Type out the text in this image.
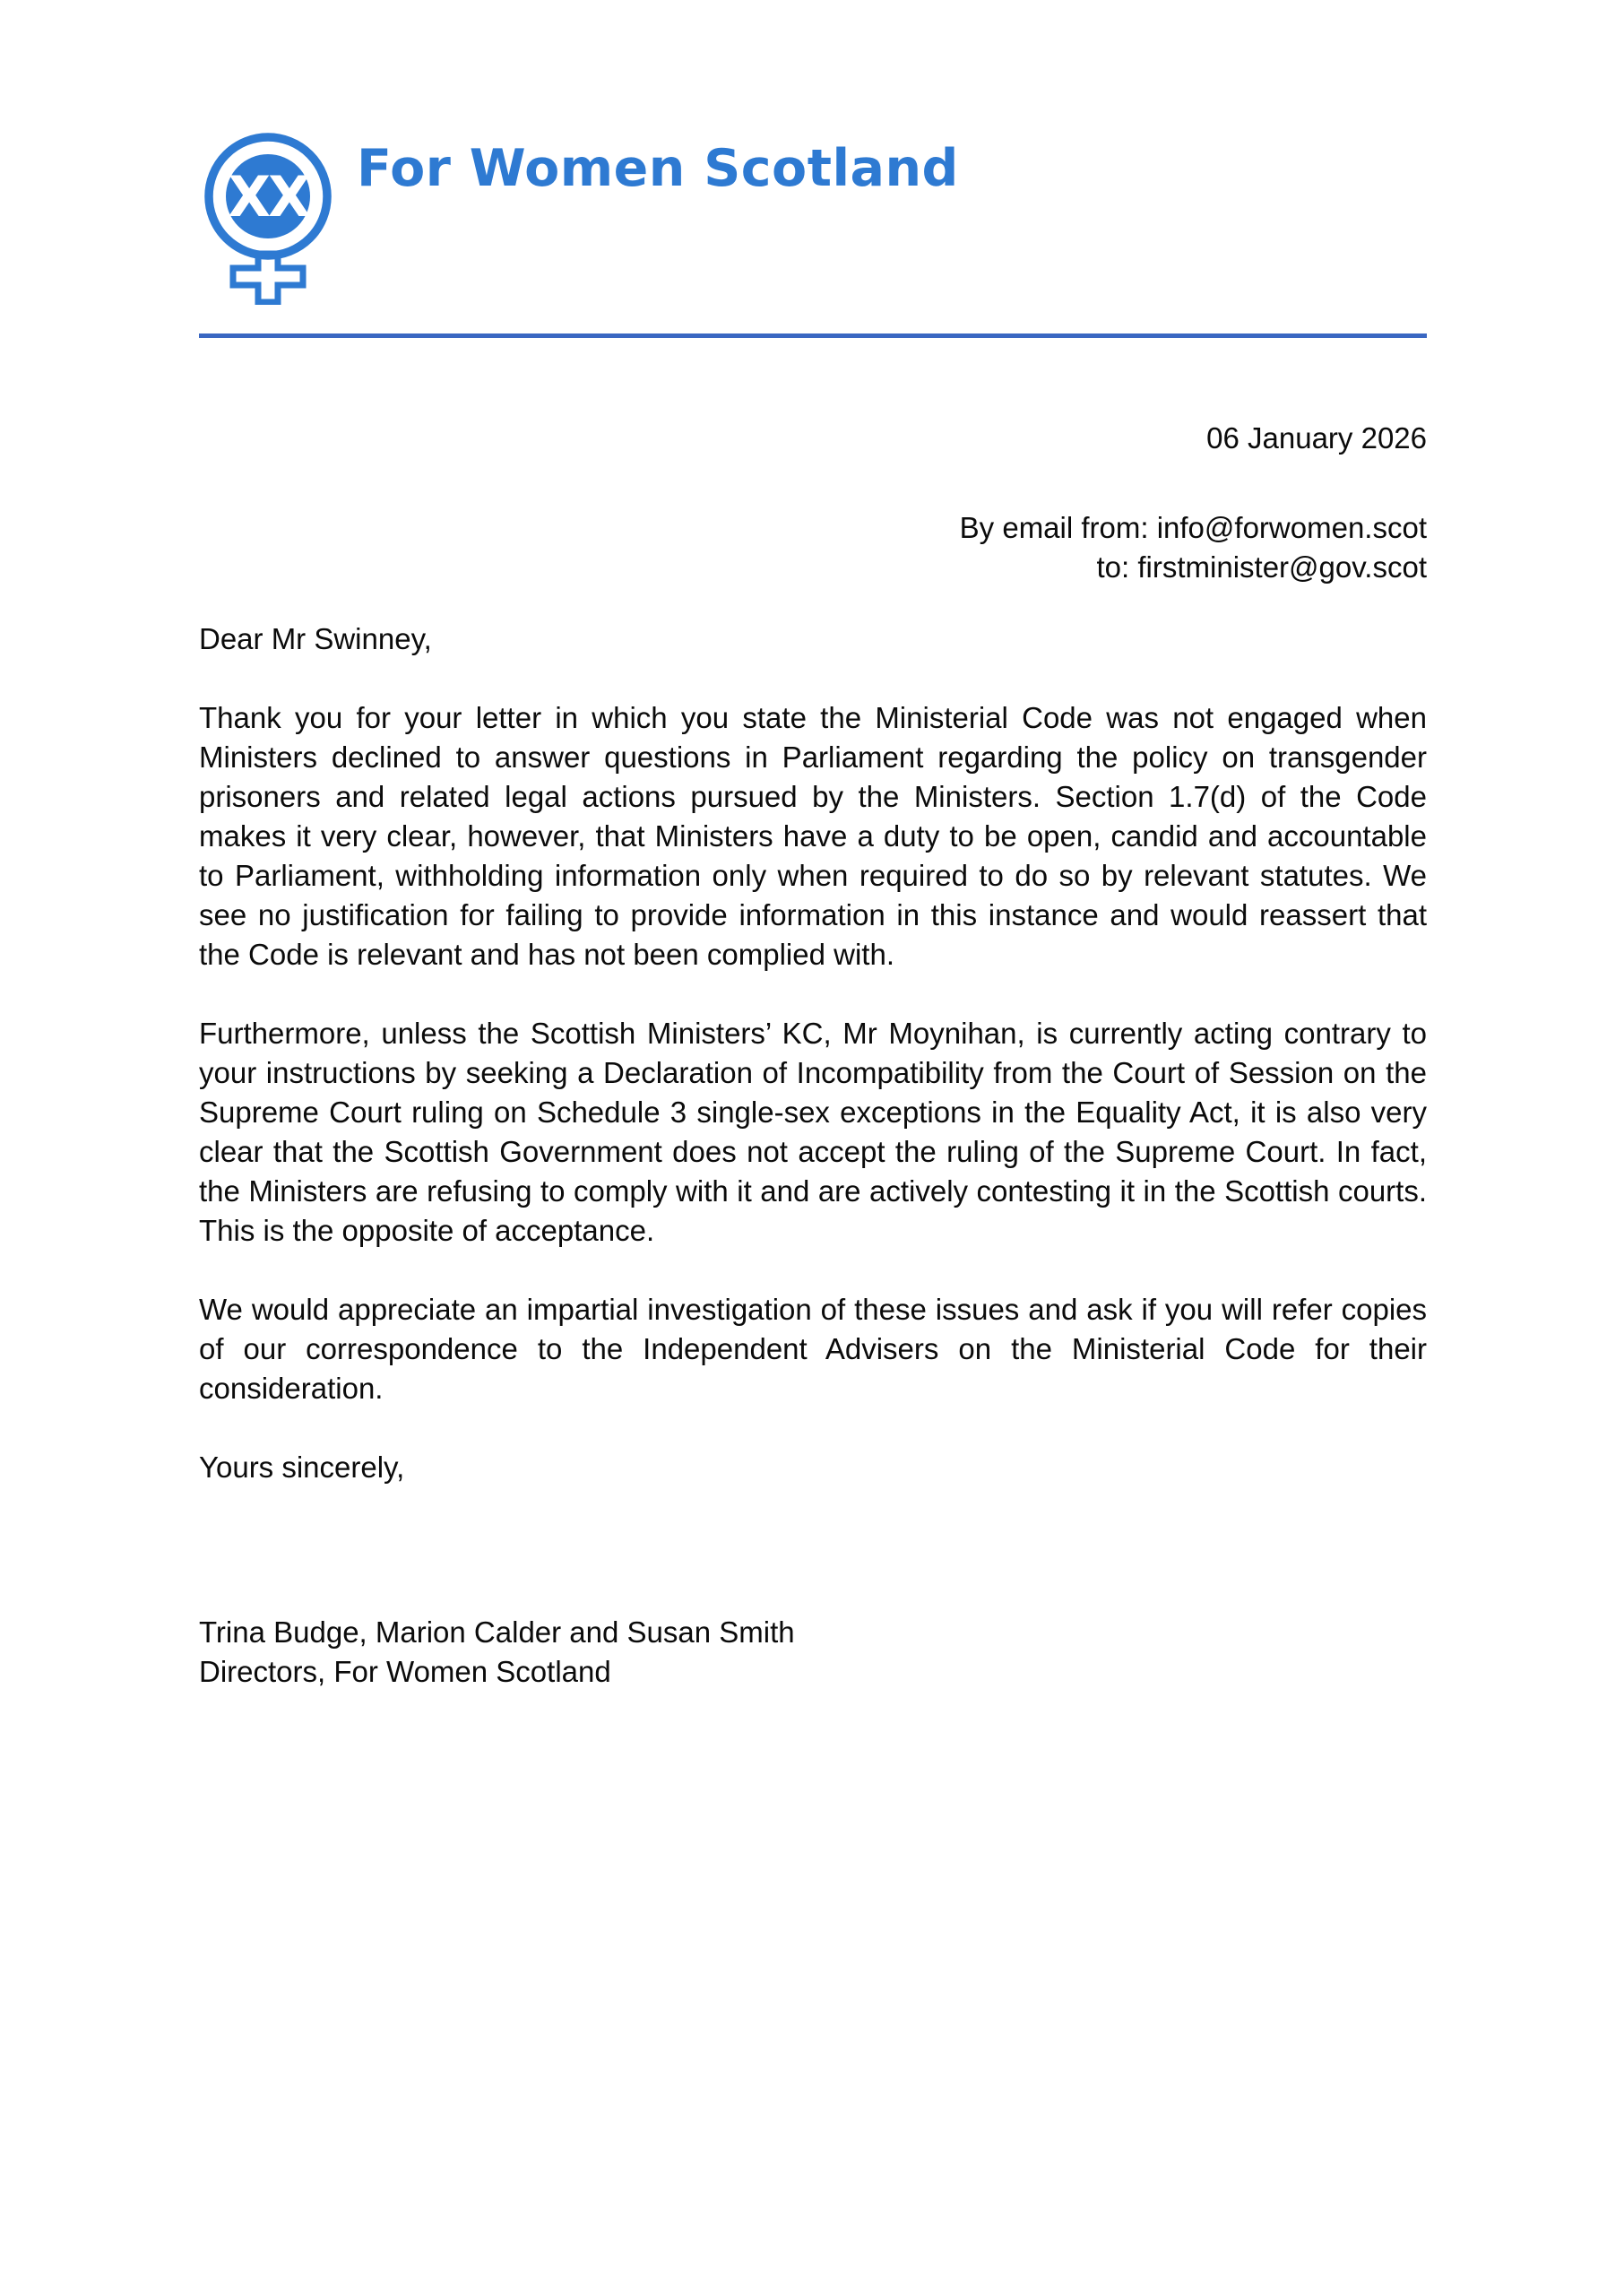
XX For Women Scotland
06 January 2026
By email from: info@forwomen.scot
to: firstminister@gov.scot
Dear Mr Swinney,

Thank you for your letter in which you state the Ministerial Code was not engaged when Ministers declined to answer questions in Parliament regarding the policy on transgender prisoners and related legal actions pursued by the Ministers. Section 1.7(d) of the Code makes it very clear, however, that Ministers have a duty to be open, candid and accountable to Parliament, withholding information only when required to do so by relevant statutes. We see no justification for failing to provide information in this instance and would reassert that the Code is relevant and has not been complied with.

Furthermore, unless the Scottish Ministers’ KC, Mr Moynihan, is currently acting contrary to your instructions by seeking a Declaration of Incompatibility from the Court of Session on the Supreme Court ruling on Schedule 3 single-sex exceptions in the Equality Act, it is also very clear that the Scottish Government does not accept the ruling of the Supreme Court. In fact, the Ministers are refusing to comply with it and are actively contesting it in the Scottish courts. This is the opposite of acceptance.

We would appreciate an impartial investigation of these issues and ask if you will refer copies of our correspondence to the Independent Advisers on the Ministerial Code for their consideration.

Yours sincerely,
Trina Budge, Marion Calder and Susan Smith
Directors, For Women Scotland
